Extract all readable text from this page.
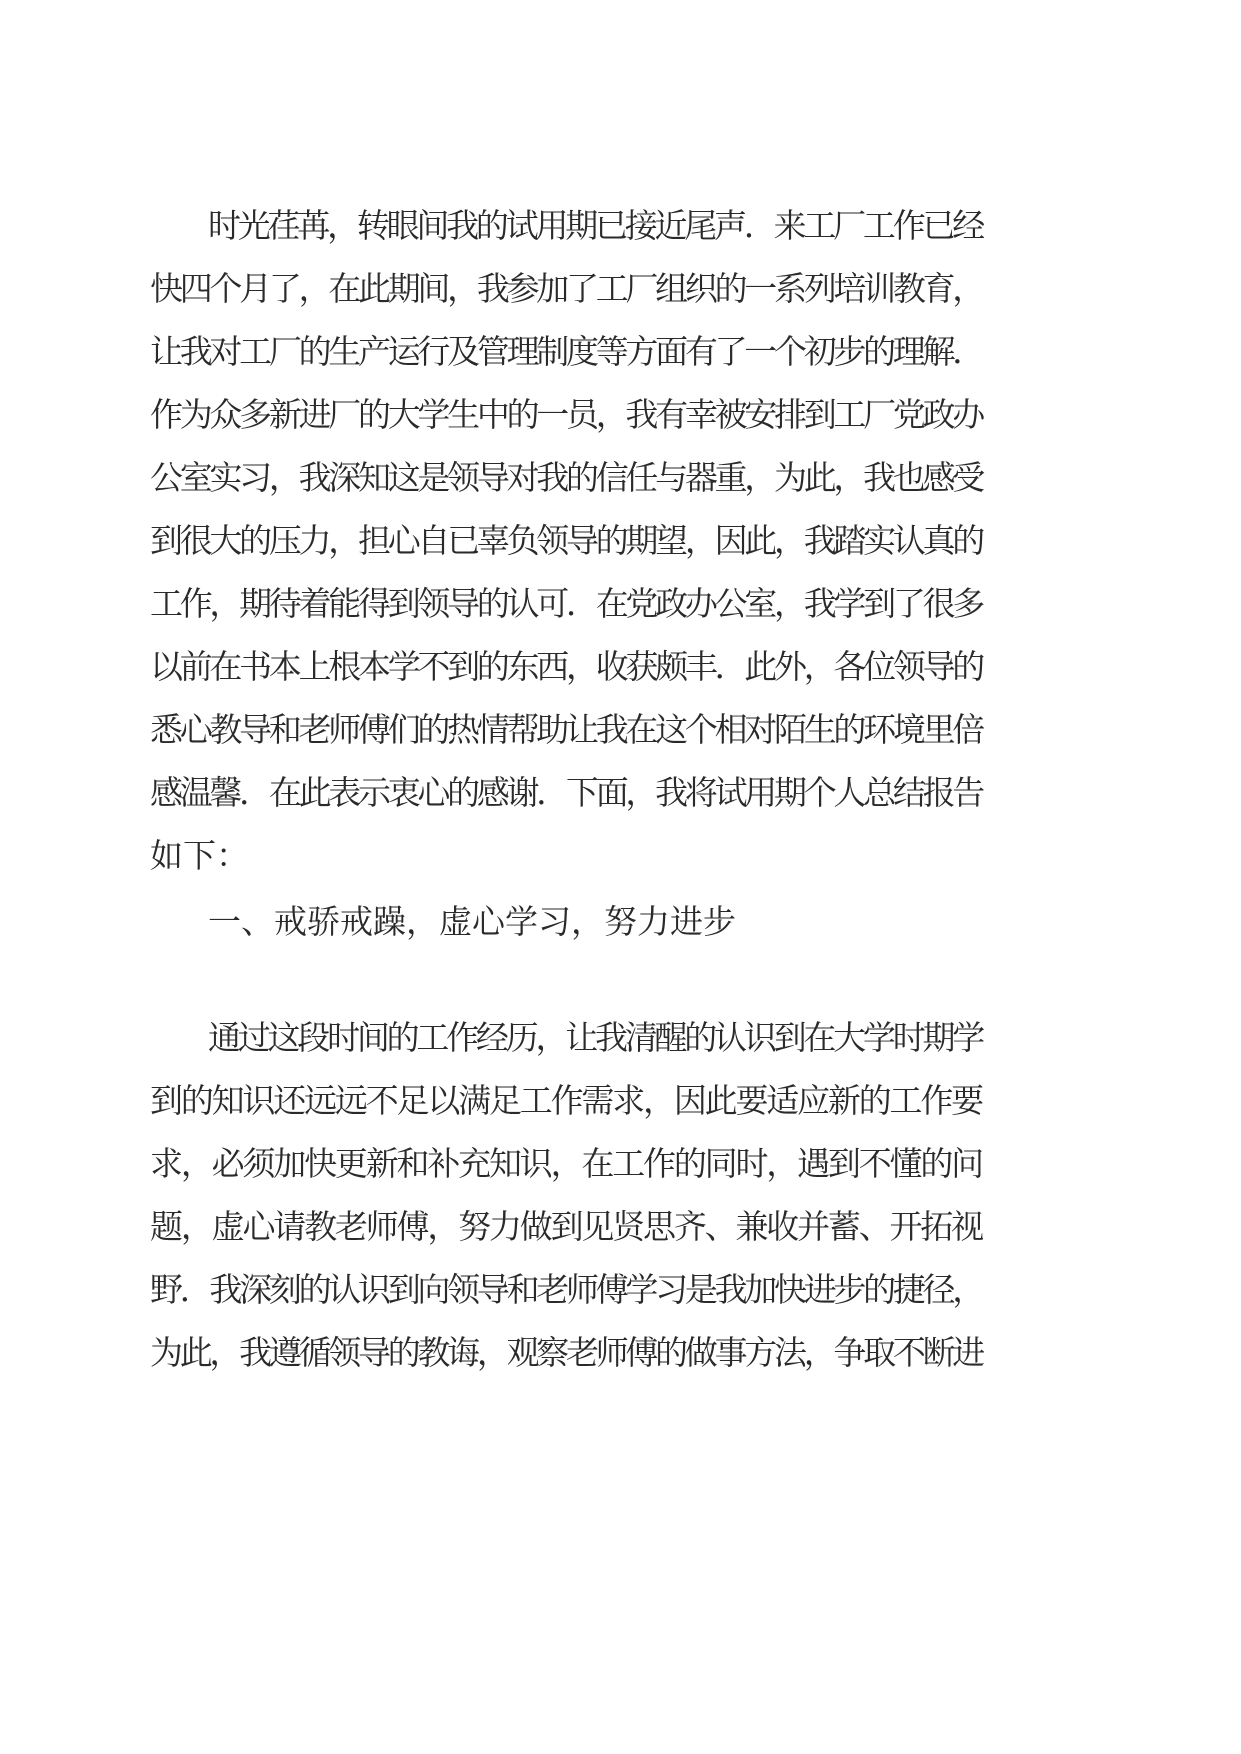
时光荏苒，转眼间我的试用期已接近尾声．来工厂工作已经

快四个月了，在此期间，我参加了工厂组织的一系列培训教育，

让我对工厂的生产运行及管理制度等方面有了一个初步的理解．

作为众多新进厂的大学生中的一员，我有幸被安排到工厂党政办

公室实习，我深知这是领导对我的信任与器重，为此，我也感受

到很大的压力，担心自已辜负领导的期望，因此，我踏实认真的

工作，期待着能得到领导的认可．在党政办公室，我学到了很多

以前在书本上根本学不到的东西，收获颇丰．此外，各位领导的

悉心教导和老师傅们的热情帮助让我在这个相对陌生的环境里倍

感温馨．在此表示衷心的感谢．下面，我将试用期个人总结报告

如下：

一、戒骄戒躁，虚心学习，努力进步

通过这段时间的工作经历，让我清醒的认识到在大学时期学

到的知识还远远不足以满足工作需求，因此要适应新的工作要

求，必须加快更新和补充知识，在工作的同时，遇到不懂的问

题，虚心请教老师傅，努力做到见贤思齐、兼收并蓄、开拓视

野．我深刻的认识到向领导和老师傅学习是我加快进步的捷径，

为此，我遵循领导的教诲，观察老师傅的做事方法，争取不断进
